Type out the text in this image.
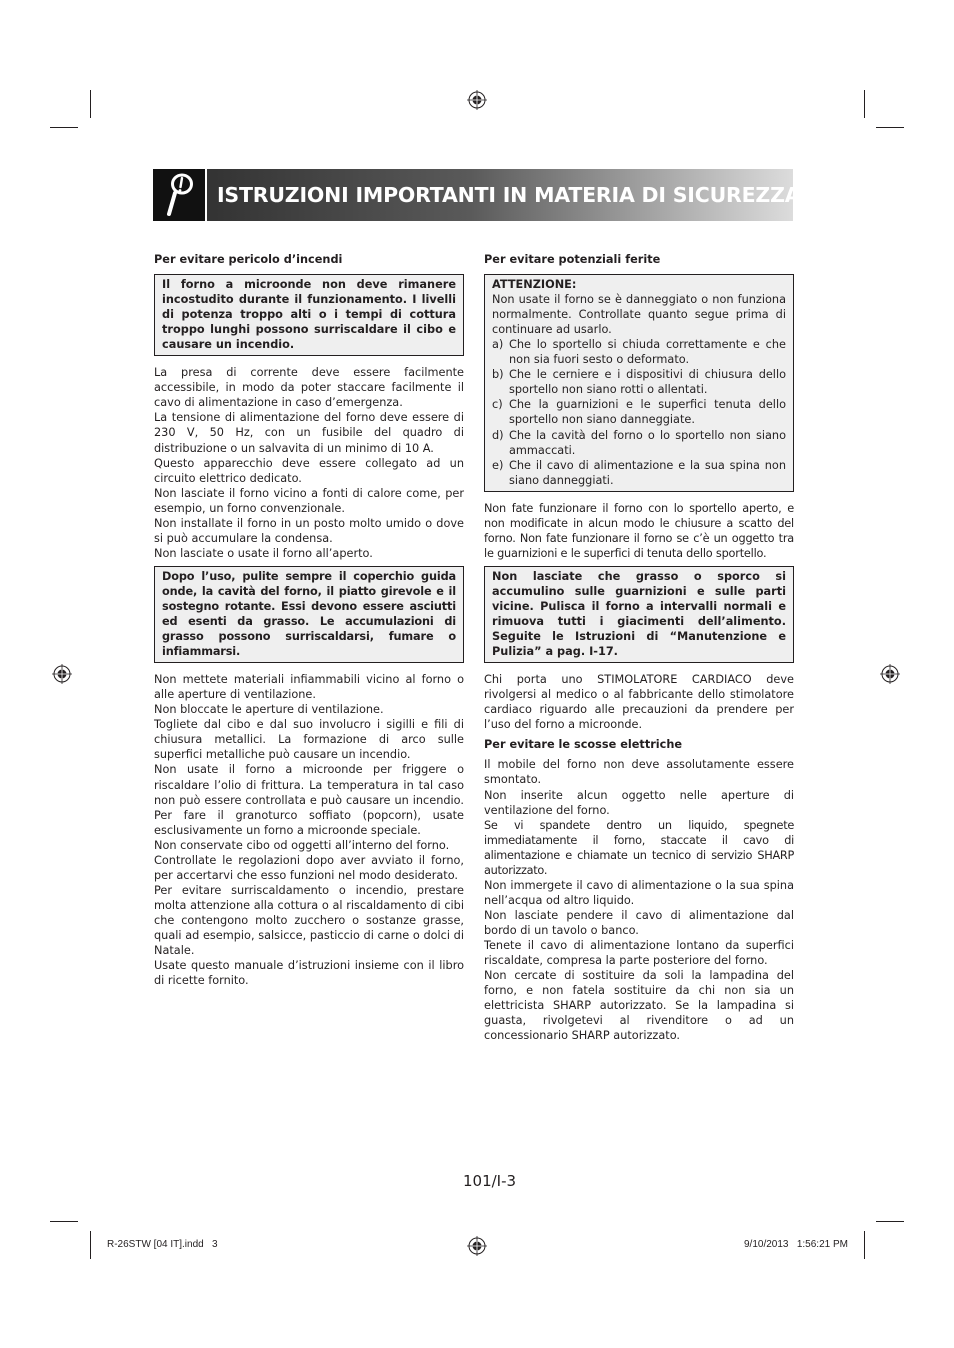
ISTRUZIONI IMPORTANTI IN MATERIA DI SICUREZZA
Per evitare pericolo d’incendi

Il forno a microonde non deve rimanere incostudito durante il funzionamento. I livelli di potenza troppo alti o i tempi di cottura troppo lunghi possono surriscaldare il cibo e causare un incendio.

La presa di corrente deve essere facilmente accessibile, in modo da poter staccare facilmente il cavo di alimentazione in caso d’emergenza.

La tensione di alimentazione del forno deve essere di 230 V, 50 Hz, con un fusibile del quadro di distribuzione o un salvavita di un minimo di 10 A.

Questo apparecchio deve essere collegato ad un circuito elettrico dedicato.

Non lasciate il forno vicino a fonti di calore come, per esempio, un forno convenzionale.

Non installate il forno in un posto molto umido o dove si può accumulare la condensa.

Non lasciate o usate il forno all’aperto.

Dopo l’uso, pulite sempre il coperchio guida onde, la cavità del forno, il piatto girevole e il sostegno rotante. Essi devono essere asciutti ed esenti da grasso. Le accumulazioni di grasso possono surriscaldarsi, fumare o infiammarsi.

Non mettete materiali infiammabili vicino al forno o alle aperture di ventilazione.

Non bloccate le aperture di ventilazione.

Togliete dal cibo e dal suo involucro i sigilli e fili di chiusura metallici. La formazione di arco sulle superfici metalliche può causare un incendio.

Non usate il forno a microonde per friggere o riscaldare l’olio di frittura. La temperatura in tal caso non può essere controllata e può causare un incendio. Per fare il granoturco soffiato (popcorn), usate esclusivamente un forno a microonde speciale.

Non conservate cibo od oggetti all’interno del forno.

Controllate le regolazioni dopo aver avviato il forno, per accertarvi che esso funzioni nel modo desiderato.

Per evitare surriscaldamento o incendio, prestare molta attenzione alla cottura o al riscaldamento di cibi che contengono molto zucchero o sostanze grasse, quali ad esempio, salsicce, pasticcio di carne o dolci di Natale.

Usate questo manuale d’istruzioni insieme con il libro di ricette fornito.

Per evitare potenziali ferite

ATTENZIONE:

Non usate il forno se è danneggiato o non funziona normalmente. Controllate quanto segue prima di continuare ad usarlo.

a) Che lo sportello si chiuda correttamente e che non sia fuori sesto o deformato.
b) Che le cerniere e i dispositivi di chiusura dello sportello non siano rotti o allentati.
c) Che la guarnizioni e le superfici tenuta dello sportello non siano danneggiate.
d) Che la cavità del forno o lo sportello non siano ammaccati.
e) Che il cavo di alimentazione e la sua spina non siano danneggiati.

Non fate funzionare il forno con lo sportello aperto, e non modificate in alcun modo le chiusure a scatto del forno. Non fate funzionare il forno se c’è un oggetto tra le guarnizioni e le superfici di tenuta dello sportello.

Non lasciate che grasso o sporco si accumulino sulle guarnizioni e sulle parti vicine. Pulisca il forno a intervalli normali e rimuova tutti i giacimenti dell’alimento. Seguite le Istruzioni di “Manutenzione e Pulizia” a pag. I-17.

Chi porta uno STIMOLATORE CARDIACO deve rivolgersi al medico o al fabbricante dello stimolatore cardiaco riguardo alle precauzioni da prendere per l’uso del forno a microonde.

Per evitare le scosse elettriche

Il mobile del forno non deve assolutamente essere smontato.

Non inserite alcun oggetto nelle aperture di ventilazione del forno.

Se vi spandete dentro un liquido, spegnete immediatamente il forno, staccate il cavo di alimentazione e chiamate un tecnico di servizio SHARP autorizzato.

Non immergete il cavo di alimentazione o la sua spina nell’acqua od altro liquido.

Non lasciate pendere il cavo di alimentazione dal bordo di un tavolo o banco.

Tenete il cavo di alimentazione lontano da superfici riscaldate, compresa la parte posteriore del forno.

Non cercate di sostituire da soli la lampadina del forno, e non fatela sostituire da chi non sia un elettricista SHARP autorizzato. Se la lampadina si guasta, rivolgetevi al rivenditore o ad un concessionario SHARP autorizzato.

101/I-3
R-26STW [04 IT].indd   3	9/10/2013   1:56:21 PM
